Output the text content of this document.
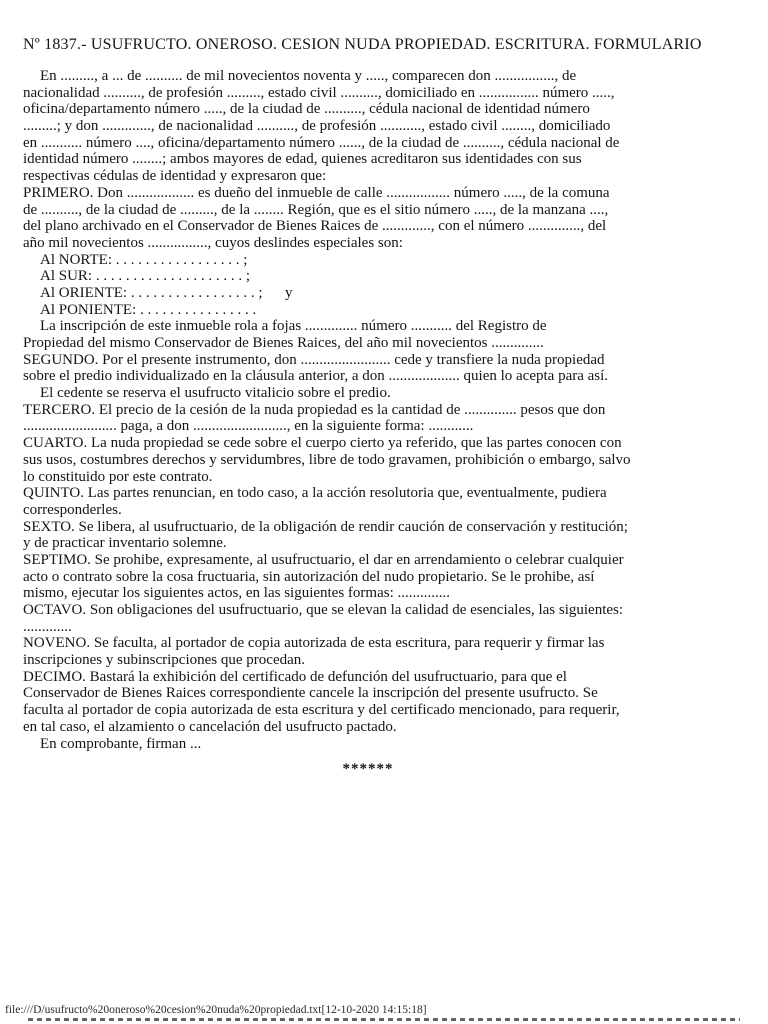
Nº 1837.- USUFRUCTO. ONEROSO. CESION NUDA PROPIEDAD. ESCRITURA. FORMULARIO
En ........., a ... de .......... de mil novecientos noventa y ....., comparecen don ................, de
nacionalidad .........., de profesión ........., estado civil .........., domiciliado en ................ número .....,
oficina/departamento número ....., de la ciudad de .........., cédula nacional de identidad número
.........; y don ............., de nacionalidad .........., de profesión ..........., estado civil ........, domiciliado
en ........... número ...., oficina/departamento número ......, de la ciudad de .........., cédula nacional de
identidad número ........; ambos mayores de edad, quienes acreditaron sus identidades con sus
respectivas cédulas de identidad y expresaron que:
PRIMERO. Don .................. es dueño del inmueble de calle ................. número ....., de la comuna
de .........., de la ciudad de ........., de la ........ Región, que es el sitio número ....., de la manzana ....,
del plano archivado en el Conservador de Bienes Raices de ............., con el número .............., del
año mil novecientos ................, cuyos deslindes especiales son:
Al NORTE: . . . . . . . . . . . . . . . . . ;
Al SUR: . . . . . . . . . . . . . . . . . . . . ;
Al ORIENTE: . . . . . . . . . . . . . . . . . ;      y
Al PONIENTE: . . . . . . . . . . . . . . . .
La inscripción de este inmueble rola a fojas .............. número ........... del Registro de
Propiedad del mismo Conservador de Bienes Raices, del año mil novecientos ..............
SEGUNDO. Por el presente instrumento, don ........................ cede y transfiere la nuda propiedad
sobre el predio individualizado en la cláusula anterior, a don ................... quien lo acepta para así.
El cedente se reserva el usufructo vitalicio sobre el predio.
TERCERO. El precio de la cesión de la nuda propiedad es la cantidad de .............. pesos que don
......................... paga, a don ........................., en la siguiente forma: ............
CUARTO. La nuda propiedad se cede sobre el cuerpo cierto ya referido, que las partes conocen con
sus usos, costumbres derechos y servidumbres, libre de todo gravamen, prohibición o embargo, salvo
lo constituido por este contrato.
QUINTO. Las partes renuncian, en todo caso, a la acción resolutoria que, eventualmente, pudiera
corresponderles.
SEXTO. Se libera, al usufructuario, de la obligación de rendir caución de conservación y restitución;
y de practicar inventario solemne.
SEPTIMO. Se prohibe, expresamente, al usufructuario, el dar en arrendamiento o celebrar cualquier
acto o contrato sobre la cosa fructuaria, sin autorización del nudo propietario. Se le prohibe, así
mismo, ejecutar los siguientes actos, en las siguientes formas: ..............
OCTAVO. Son obligaciones del usufructuario, que se elevan la calidad de esenciales, las siguientes:
.............
NOVENO. Se faculta, al portador de copia autorizada de esta escritura, para requerir y firmar las
inscripciones y subinscripciones que procedan.
DECIMO. Bastará la exhibición del certificado de defunción del usufructuario, para que el
Conservador de Bienes Raices correspondiente cancele la inscripción del presente usufructo. Se
faculta al portador de copia autorizada de esta escritura y del certificado mencionado, para requerir,
en tal caso, el alzamiento o cancelación del usufructo pactado.
En comprobante, firman ...
******
file:///D/usufructo%20oneroso%20cesion%20nuda%20propiedad.txt[12-10-2020 14:15:18]
